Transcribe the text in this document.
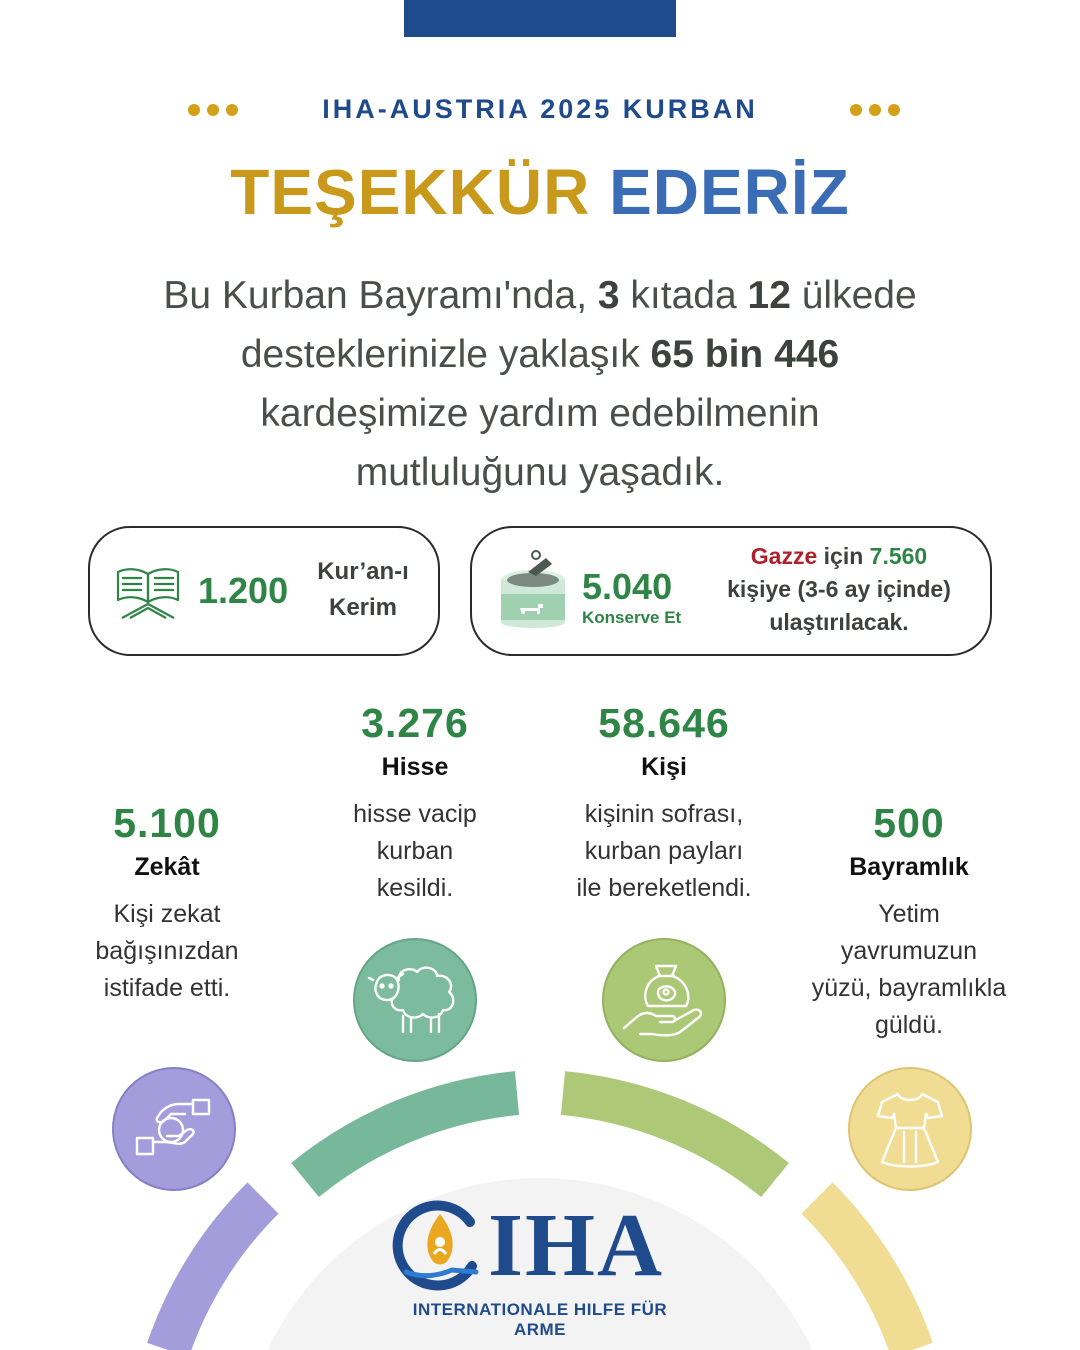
IHA-AUSTRIA 2025 KURBAN
TEŞEKKÜR EDERİZ
Bu Kurban Bayramı'nda, 3 kıtada 12 ülkede desteklerinizle yaklaşık 65 bin 446 kardeşimize yardım edebilmenin mutluluğunu yaşadık.
1.200	Kur’an-ı
Kerim
5.040
Konserve Et
Gazze için 7.560
kişiye (3-6 ay içinde)
ulaştırılacak.
5.100
Zekât
Kişi zekat
bağışınızdan
istifade etti.
3.276
Hisse
hisse vacip
kurban
kesildi.
58.646
Kişi
kişinin sofrası,
kurban payları
ile bereketlendi.
500
Bayramlık
Yetim
yavrumuzun
yüzü, bayramlıkla
güldü.
IHA
INTERNATIONALE HILFE FÜR ARME
